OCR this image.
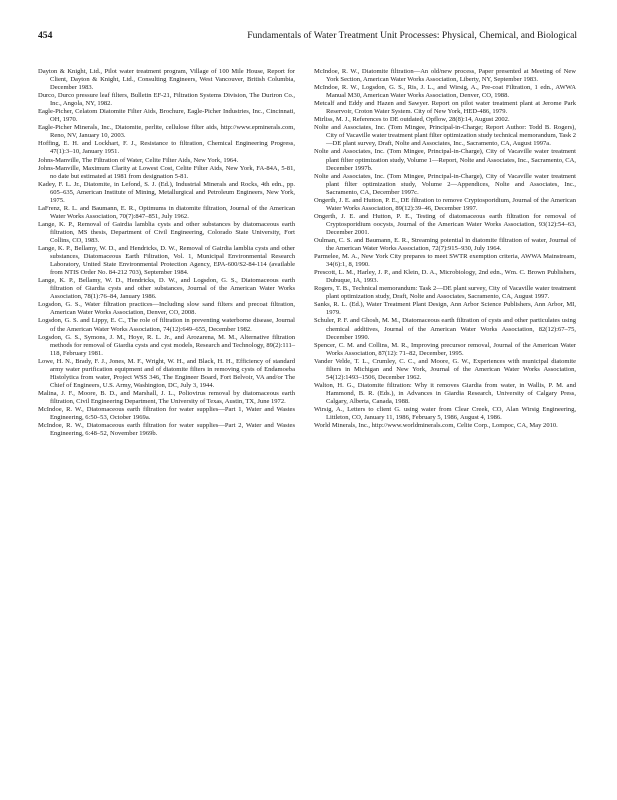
454	Fundamentals of Water Treatment Unit Processes: Physical, Chemical, and Biological

Dayton & Knight, Ltd., Pilot water treatment program, Village of 100 Mile House, Report for Client, Dayton & Knight, Ltd., Consulting Engineers, West Vancouver, British Columbia, December 1983.

Durco, Durco pressure leaf filters, Bulletin EF-21, Filtration Systems Division, The Duriron Co., Inc., Angola, NY, 1982.

Eagle-Picher, Celatom Diatomite Filter Aids, Brochure, Eagle-Picher Industries, Inc., Cincinnati, OH, 1970.

Eagle-Picher Minerals, Inc., Diatomite, perlite, cellulose filter aids, http://www.epminerals.com, Reno, NV, January 10, 2003.

Hoffing, E. H. and Lockhart, F. J., Resistance to filtration, Chemical Engineering Progress, 47(1):3–10, January 1951.

Johns-Manville, The Filtration of Water, Celite Filter Aids, New York, 1964.

Johns-Manville, Maximum Clarity at Lowest Cost, Celite Filter Aids, New York, FA-84A, 5-81, no date but estimated at 1981 from designation 5-81.

Kadey, F. L. Jr., Diatomite, in Lefond, S. J. (Ed.), Industrial Minerals and Rocks, 4th edn., pp. 605–635, American Institute of Mining, Metallurgical and Petroleum Engineers, New York, 1975.

LaFrenz, R. L. and Baumann, E. R., Optimums in diatomite filtration, Journal of the American Water Works Association, 70(7):847–851, July 1962.

Lange, K. P., Removal of Gairdia lamblia cysts and other substances by diatomaceous earth filtration, MS thesis, Department of Civil Engineering, Colorado State University, Fort Collins, CO, 1983.

Lange, K. P., Bellamy, W. D., and Hendricks, D. W., Removal of Gairdia lamblia cysts and other substances, Diatomaceous Earth Filtration, Vol. 1, Municipal Environmental Research Laboratory, United State Environmental Protection Agency, EPA-600/S2-84-114 (available from NTIS Order No. 84-212 703), September 1984.

Lange, K. P., Bellamy, W. D., Hendricks, D. W., and Logsdon, G. S., Diatomaceous earth filtration of Giardia cysts and other substances, Journal of the American Water Works Association, 78(1):76–84, January 1986.

Logsdon, G. S., Water filtration practices—Including slow sand filters and precoat filtration, American Water Works Association, Denver, CO, 2008.

Logsdon, G. S. and Lippy, E. C., The role of filtration in preventing waterborne disease, Journal of the American Water Works Association, 74(12):649–655, December 1982.

Logsdon, G. S., Symons, J. M., Hoye, R. L. Jr., and Arozarena, M. M., Alternative filtration methods for removal of Giardia cysts and cyst models, Research and Technology, 89(2):111–118, February 1981.

Lowe, H. N., Brady, F. J., Jones, M. F., Wright, W. H., and Black, H. H., Efficiency of standard army water purification equipment and of diatomite filters in removing cysts of Endamoeba Histolytica from water, Project WSS 346, The Engineer Board, Fort Belvoir, VA and/or The Chief of Engineers, U.S. Army, Washington, DC, July 3, 1944.

Malina, J. F., Moore, B. D., and Marshall, J. L., Poliovirus removal by diatomaceous earth filtration, Civil Engineering Department, The University of Texas, Austin, TX, June 1972.

McIndoe, R. W., Diatomaceous earth filtration for water supplies—Part 1, Water and Wastes Engineering, 6:50–53, October 1969a.

McIndoe, R. W., Diatomaceous earth filtration for water supplies—Part 2, Water and Wastes Engineering, 6:48–52, November 1969b.

McIndoe, R. W., Diatomite filtration—An old/new process, Paper presented at Meeting of New York Section, American Water Works Association, Liberty, NY, September 1983.

McIndoe, R. W., Logsdon, G. S., Ris, J. L., and Wirsig, A., Pre-coat Filtration, 1 edn., AWWA Manual M30, American Water Works Association, Denver, CO, 1988.

Metcalf and Eddy and Hazen and Sawyer. Report on pilot water treatment plant at Jerome Park Reservoir, Croton Water System. City of New York, HED-486, 1979.

Mirliss, M. J., References to DE outdated, Opflow, 28(8):14, August 2002.

Nolte and Associates, Inc. (Tom Mingee, Principal-in-Charge; Report Author: Todd B. Rogers), City of Vacaville water treatment plant filter optimization study technical memorandum, Task 2—DE plant survey, Draft, Nolte and Associates, Inc., Sacramento, CA, August 1997a.

Nolte and Associates, Inc. (Tom Mingee, Principal-in-Charge), City of Vacaville water treatment plant filter optimization study, Volume 1—Report, Nolte and Associates, Inc., Sacramento, CA, December 1997b.

Nolte and Associates, Inc. (Tom Mingee, Principal-in-Charge), City of Vacaville water treatment plant filter optimization study, Volume 2—Appendices, Nolte and Associates, Inc., Sacramento, CA, December 1997c.

Ongerth, J. E. and Hutton, P. E., DE filtration to remove Cryptosporidium, Journal of the American Water Works Association, 89(12):39–46, December 1997.

Ongerth, J. E. and Hutton, P. E., Testing of diatomaceous earth filtration for removal of Cryptosporidium oocysts, Journal of the American Water Works Association, 93(12):54–63, December 2001.

Oulman, C. S. and Baumann, E. R., Streaming potential in diatomite filtration of water, Journal of the American Water Works Association, 72(7):915–930, July 1964.

Parmelee, M. A., New York City prepares to meet SWTR exemption criteria, AWWA Mainstream, 34(6):1, 8, 1990.

Prescott, L. M., Harley, J. P., and Klein, D. A., Microbiology, 2nd edn., Wm. C. Brown Publishers, Dubuque, IA, 1993.

Rogers, T. B., Technical memorandum: Task 2—DE plant survey, City of Vacaville water treatment plant optimization study, Draft, Nolte and Associates, Sacramento, CA, August 1997.

Sanks, R. L. (Ed.), Water Treatment Plant Design, Ann Arbor Science Publishers, Ann Arbor, MI, 1979.

Schuler, P. F. and Ghosh, M. M., Diatomaceous earth filtration of cysts and other particulates using chemical additives, Journal of the American Water Works Association, 82(12):67–75, December 1990.

Spencer, C. M. and Collins, M. R., Improving precursor removal, Journal of the American Water Works Association, 87(12): 71–82, December, 1995.

Vander Velde, T. L., Crumley, C. C., and Moore, G. W., Experiences with municipal diatomite filters in Michigan and New York, Journal of the American Water Works Association, 54(12):1493–1506, December 1962.

Walton, H. G., Diatomite filtration: Why it removes Giardia from water, in Wallis, P. M. and Hammond, B. R. (Eds.), in Advances in Giardia Research, University of Calgary Press, Calgary, Alberta, Canada, 1988.

Wirsig, A., Letters to client G. using water from Clear Creek, CO, Alan Wirsig Engineering, Littleton, CO, January 11, 1986, February 5, 1986, August 4, 1986.

World Minerals, Inc., http://www.worldminerals.com, Celite Corp., Lompoc, CA, May 2010.
